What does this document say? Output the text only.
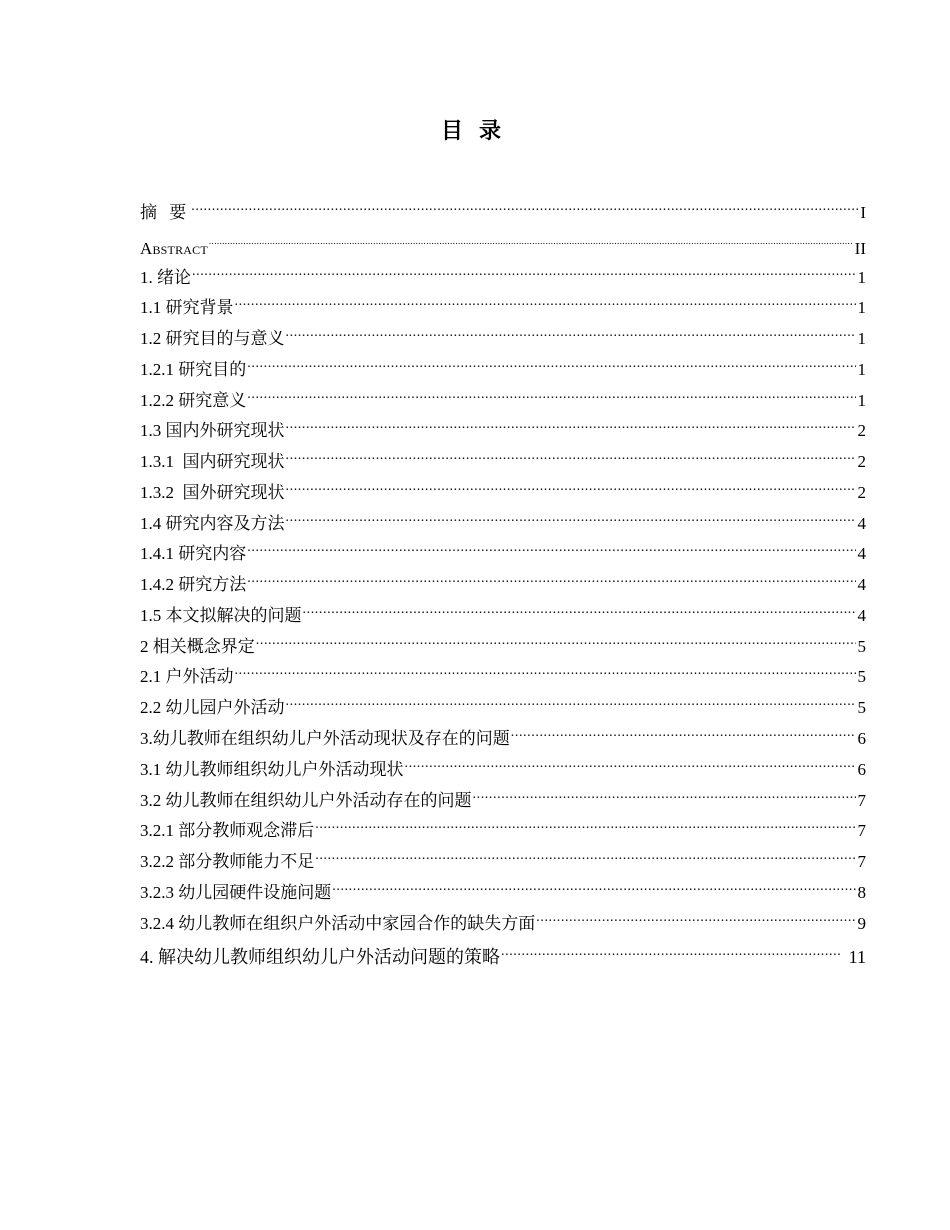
目录
摘 要 .....	I
Abstract .....	II
1. 绪论 .....	1
1.1 研究背景 .....	1
1.2 研究目的与意义 .....	1
1.2.1 研究目的 .....	1
1.2.2 研究意义 .....	1
1.3 国内外研究现状 .....	2
1.3.1  国内研究现状 .....	2
1.3.2  国外研究现状 .....	2
1.4 研究内容及方法 .....	4
1.4.1 研究内容 .....	4
1.4.2 研究方法 .....	4
1.5 本文拟解决的问题 .....	4
2 相关概念界定 .....	5
2.1 户外活动 .....	5
2.2 幼儿园户外活动 .....	5
3.幼儿教师在组织幼儿户外活动现状及存在的问题 .....	6
3.1 幼儿教师组织幼儿户外活动现状 .....	6
3.2 幼儿教师在组织幼儿户外活动存在的问题 .....	7
3.2.1 部分教师观念滞后 .....	7
3.2.2 部分教师能力不足 .....	7
3.2.3 幼儿园硬件设施问题 .....	8
3.2.4 幼儿教师在组织户外活动中家园合作的缺失方面 .....	9
4. 解决幼儿教师组织幼儿户外活动问题的策略 .....	11
